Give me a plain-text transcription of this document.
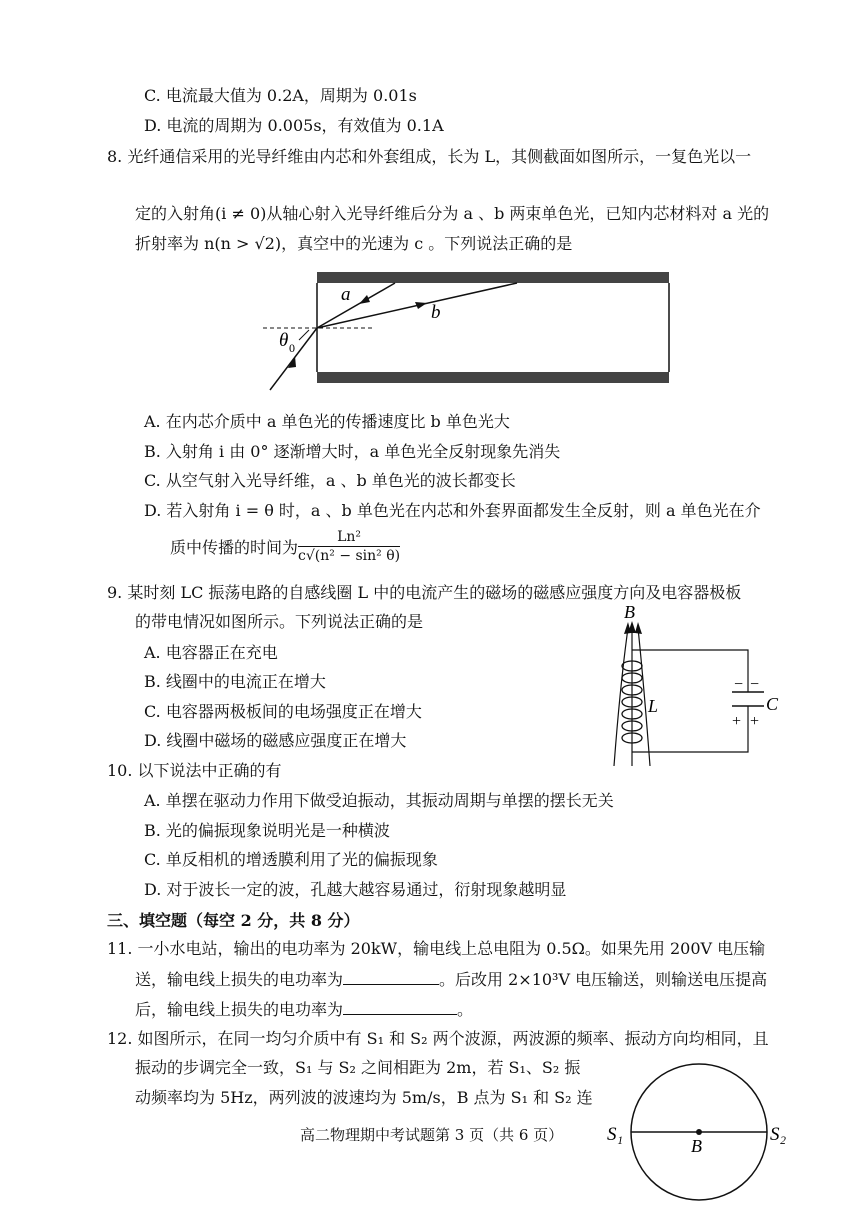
C. 电流最大值为 0.2A，周期为 0.01s
D. 电流的周期为 0.005s，有效值为 0.1A
8. 光纤通信采用的光导纤维由内芯和外套组成，长为 L，其侧截面如图所示，一复色光以一
定的入射角(i ≠ 0)从轴心射入光导纤维后分为 a 、b 两束单色光，已知内芯材料对 a 光的
折射率为 n(n > √2)，真空中的光速为 c 。下列说法正确的是
a
b
θ 0
A. 在内芯介质中 a 单色光的传播速度比 b 单色光大
B. 入射角 i 由 0° 逐渐增大时，a 单色光全反射现象先消失
C. 从空气射入光导纤维，a 、b 单色光的波长都变长
D. 若入射角 i = θ 时，a 、b 单色光在内芯和外套界面都发生全反射，则 a 单色光在介
质中传播的时间为 $\frac{\text{Ln²}}{\text{c√(n² − sin² θ)}}$
9. 某时刻 LC 振荡电路的自感线圈 L 中的电流产生的磁场的磁感应强度方向及电容器极板
的带电情况如图所示。下列说法正确的是
A. 电容器正在充电
B. 线圈中的电流正在增大
C. 电容器两极板间的电场强度正在增大
D. 线圈中磁场的磁感应强度正在增大
B
L
− −
+ +
C
10. 以下说法中正确的有
A. 单摆在驱动力作用下做受迫振动，其振动周期与单摆的摆长无关
B. 光的偏振现象说明光是一种横波
C. 单反相机的增透膜利用了光的偏振现象
D. 对于波长一定的波，孔越大越容易通过，衍射现象越明显
三、填空题（每空 2 分，共 8 分）
11. 一小水电站，输出的电功率为 20kW，输电线上总电阻为 0.5Ω。如果先用 200V 电压输
送，输电线上损失的电功率为	。后改用 2×10³V 电压输送，则输送电压提高
后，输电线上损失的电功率为	。
12. 如图所示，在同一均匀介质中有 S₁ 和 S₂ 两个波源，两波源的频率、振动方向均相同，且
振动的步调完全一致，S₁ 与 S₂ 之间相距为 2m，若 S₁、S₂ 振
动频率均为 5Hz，两列波的波速均为 5m/s，B 点为 S₁ 和 S₂ 连
S₁	S₂
B
高二物理期中考试题第 3 页（共 6 页）
